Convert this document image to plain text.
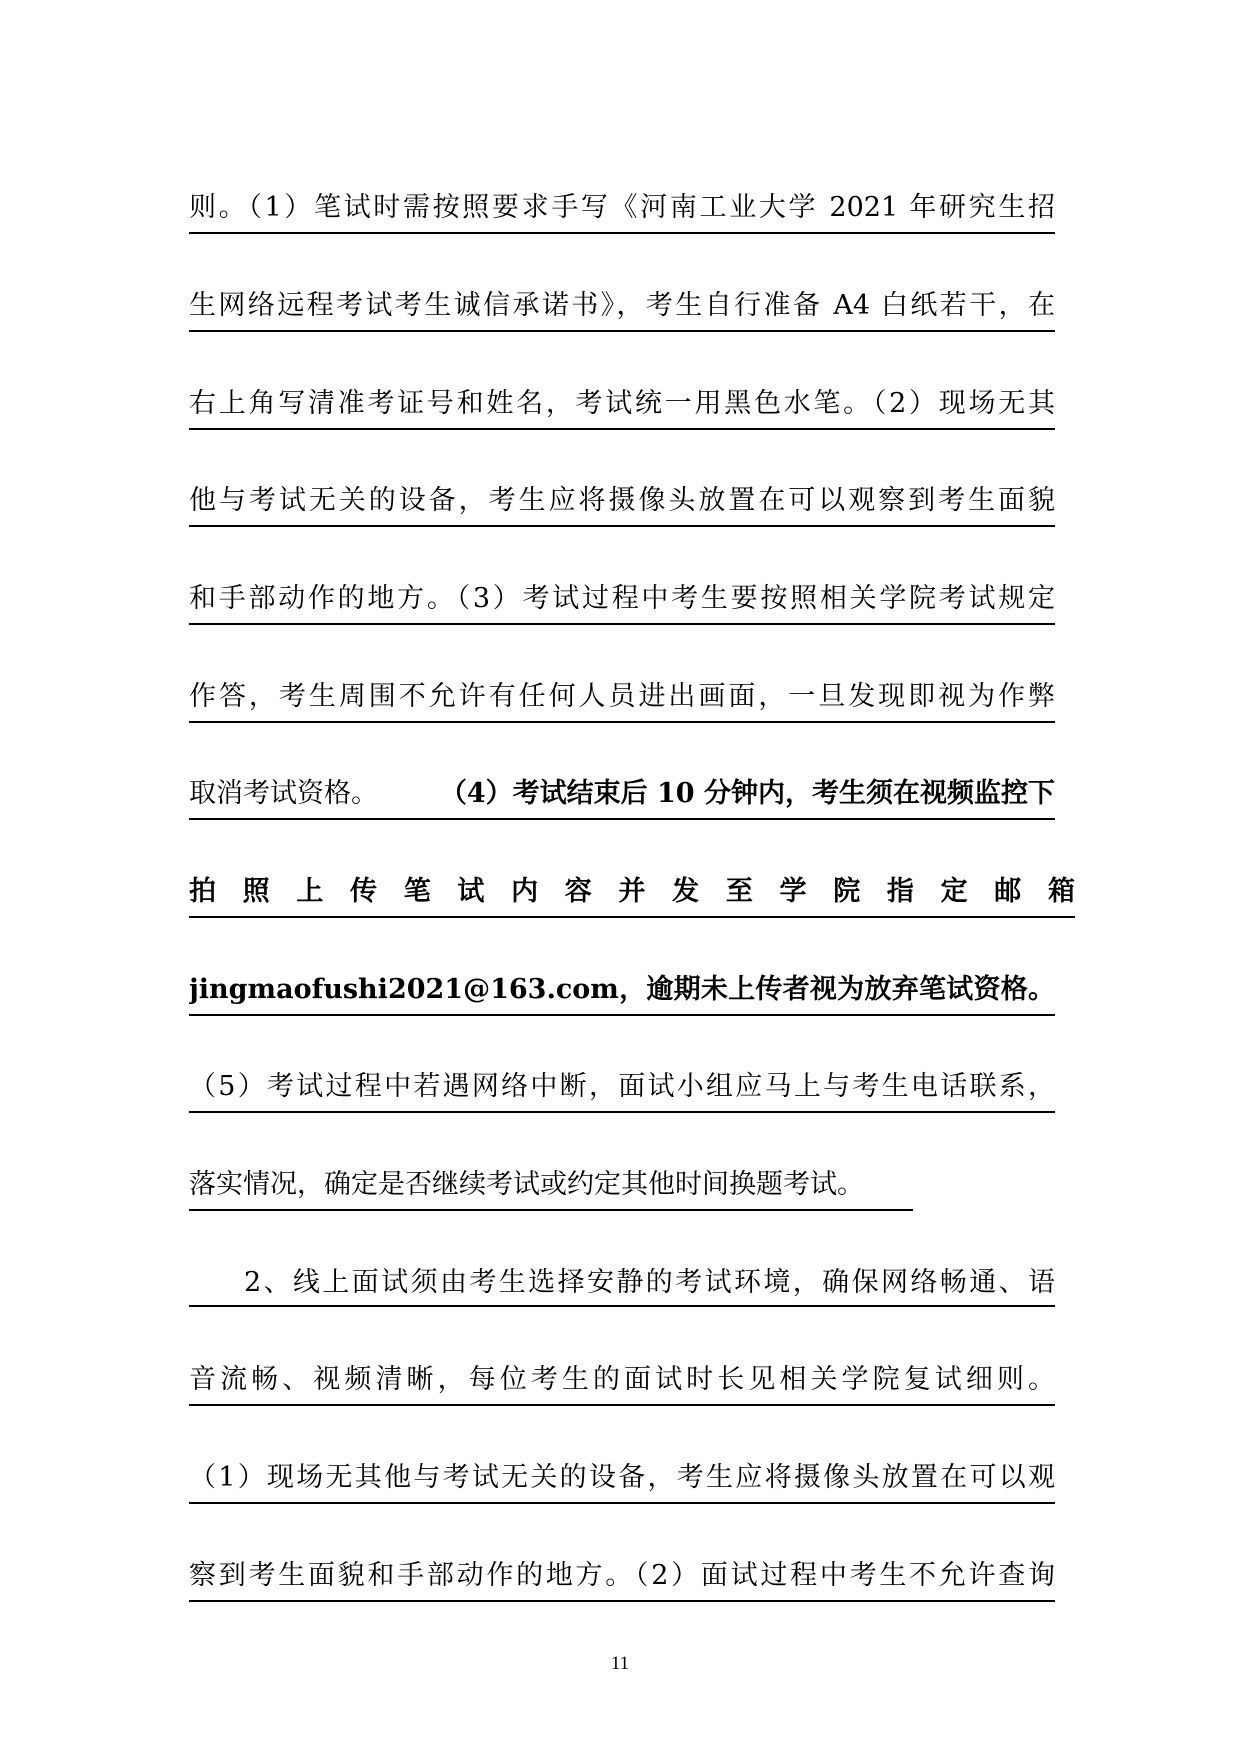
则。（1）笔试时需按照要求手写《河南工业大学 2021 年研究生招
生网络远程考试考生诚信承诺书》，考生自行准备 A4 白纸若干，在
右上角写清准考证号和姓名，考试统一用黑色水笔。（2）现场无其
他与考试无关的设备，考生应将摄像头放置在可以观察到考生面貌
和手部动作的地方。（3）考试过程中考生要按照相关学院考试规定
作答，考生周围不允许有任何人员进出画面，一旦发现即视为作弊
取消考试资格。 （4）考试结束后 10 分钟内，考生须在视频监控下
拍照上传笔试内容并发至学院指定邮箱
jingmaofushi2021@163.com，逾期未上传者视为放弃笔试资格。
（5）考试过程中若遇网络中断，面试小组应马上与考生电话联系，
落实情况，确定是否继续考试或约定其他时间换题考试。
2、线上面试须由考生选择安静的考试环境，确保网络畅通、语
音流畅、视频清晰，每位考生的面试时长见相关学院复试细则。
（1）现场无其他与考试无关的设备，考生应将摄像头放置在可以观
察到考生面貌和手部动作的地方。（2）面试过程中考生不允许查询
11
